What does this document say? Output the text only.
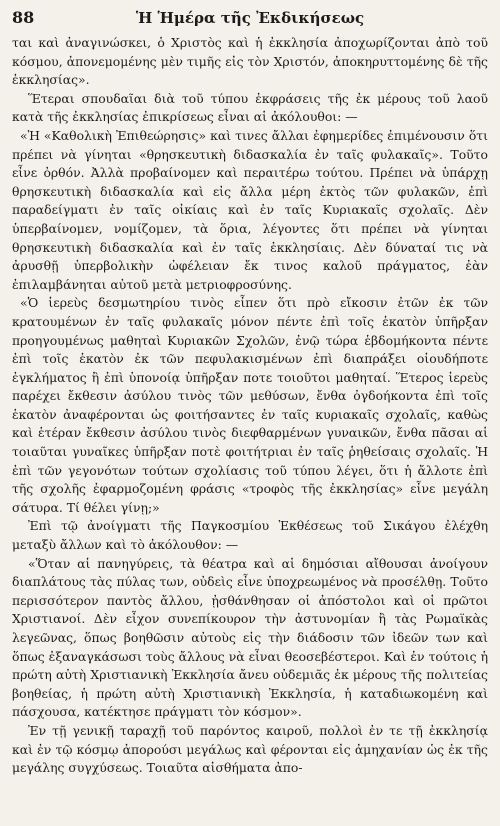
88	Ἡ Ἡμέρα τῆς Ἐκδικήσεως

ται καὶ ἀναγινώσκει, ὁ Χριστὸς καὶ ἡ ἐκκλησία ἀποχωρίζονται ἀπὸ τοῦ κόσμου, ἀπονεμομένης μὲν τιμῆς εἰς τὸν Χριστόν, ἀποκηρυττομένης δὲ τῆς ἐκκλησίας».

Ἕτεραι σπουδαῖαι διὰ τοῦ τύπου ἐκφράσεις τῆς ἐκ μέρους τοῦ λαοῦ κατὰ τῆς ἐκκλησίας ἐπικρίσεως εἶναι αἱ ἀκόλουθοι: —

«Ἡ «Καθολικὴ Ἐπιθεώρησις» καὶ τινες ἄλλαι ἐφημερίδες ἐπιμένουσιν ὅτι πρέπει νὰ γίνηται «θρησκευτικὴ διδασκαλία ἐν ταῖς φυλακαῖς». Τοῦτο εἶνε ὀρθόν. Ἀλλὰ προβαίνομεν καὶ περαιτέρω τούτου. Πρέπει νὰ ὑπάρχῃ θρησκευτικὴ διδασκαλία καὶ εἰς ἄλλα μέρη ἐκτὸς τῶν φυλακῶν, ἐπὶ παραδείγματι ἐν ταῖς οἰκίαις καὶ ἐν ταῖς Κυριακαῖς σχολαῖς. Δὲν ὑπερβαίνομεν, νομίζομεν, τὰ ὅρια, λέγοντες ὅτι πρέπει νὰ γίνηται θρησκευτικὴ διδασκαλία καὶ ἐν ταῖς ἐκκλησίαις. Δὲν δύναταί τις νὰ ἀρυσθῇ ὑπερβολικὴν ὠφέλειαν ἔκ τινος καλοῦ πράγματος, ἐὰν ἐπιλαμβάνηται αὐτοῦ μετὰ μετριοφροσύνης.

«Ὁ ἱερεὺς δεσμωτηρίου τινὸς εἶπεν ὅτι πρὸ εἴκοσιν ἐτῶν ἐκ τῶν κρατουμένων ἐν ταῖς φυλακαῖς μόνον πέντε ἐπὶ τοῖς ἑκατὸν ὑπῆρξαν προηγουμένως μαθηταὶ Κυριακῶν Σχολῶν, ἐνῷ τώρα ἑβδομήκοντα πέντε ἐπὶ τοῖς ἑκατὸν ἐκ τῶν πεφυλακισμένων ἐπὶ διαπράξει οἱουδήποτε ἐγκλήματος ἢ ἐπὶ ὑπονοίᾳ ὑπῆρξαν ποτε τοιοῦτοι μαθηταί. Ἕτερος ἱερεὺς παρέχει ἔκθεσιν ἀσύλου τινὸς τῶν μεθύσων, ἔνθα ὀγδοήκοντα ἐπὶ τοῖς ἑκατὸν ἀναφέρονται ὡς φοιτήσαντες ἐν ταῖς κυριακαῖς σχολαῖς, καθὼς καὶ ἑτέραν ἔκθεσιν ἀσύλου τινὸς διεφθαρμένων γυναικῶν, ἔνθα πᾶσαι αἱ τοιαῦται γυναῖκες ὑπῆρξαν ποτὲ φοιτήτριαι ἐν ταῖς ῥηθείσαις σχολαῖς. Ἡ ἐπὶ τῶν γεγονότων τούτων σχολίασις τοῦ τύπου λέγει, ὅτι ἡ ἄλλοτε ἐπὶ τῆς σχολῆς ἐφαρμοζομένη φράσις «τροφὸς τῆς ἐκκλησίας» εἶνε μεγάλη σάτυρα. Τί θέλει γίνῃ;»

Ἐπὶ τῷ ἀνοίγματι τῆς Παγκοσμίου Ἐκθέσεως τοῦ Σικάγου ἐλέχθη μεταξὺ ἄλλων καὶ τὸ ἀκόλουθον: —

«Ὅταν αἱ πανηγύρεις, τὰ θέατρα καὶ αἱ δημόσιαι αἴθουσαι ἀνοίγουν διαπλάτους τὰς πύλας των, οὐδεὶς εἶνε ὑποχρεωμένος νὰ προσέλθῃ. Τοῦτο περισσότερον παντὸς ἄλλου, ᾐσθάνθησαν οἱ ἀπόστολοι καὶ οἱ πρῶτοι Χριστιανοί. Δὲν εἶχον συνεπίκουρον τὴν ἀστυνομίαν ἢ τὰς Ρωμαϊκὰς λεγεῶνας, ὅπως βοηθῶσιν αὐτοὺς εἰς τὴν διάδοσιν τῶν ἰδεῶν των καὶ ὅπως ἐξαναγκάσωσι τοὺς ἄλλους νὰ εἶναι θεοσεβέστεροι. Καὶ ἐν τούτοις ἡ πρώτη αὐτὴ Χριστιανικὴ Ἐκκλησία ἄνευ οὐδεμιᾶς ἐκ μέρους τῆς πολιτείας βοηθείας, ἡ πρώτη αὐτὴ Χριστιανικὴ Ἐκκλησία, ἡ καταδιωκομένη καὶ πάσχουσα, κατέκτησε πράγματι τὸν κόσμον».

Ἐν τῇ γενικῇ ταραχῇ τοῦ παρόντος καιροῦ, πολλοὶ ἐν τε τῇ ἐκκλησίᾳ καὶ ἐν τῷ κόσμῳ ἀπορούσι μεγάλως καὶ φέρονται εἰς ἀμηχανίαν ὡς ἐκ τῆς μεγάλης συγχύσεως. Τοιαῦτα αἰσθήματα ἀπο-
